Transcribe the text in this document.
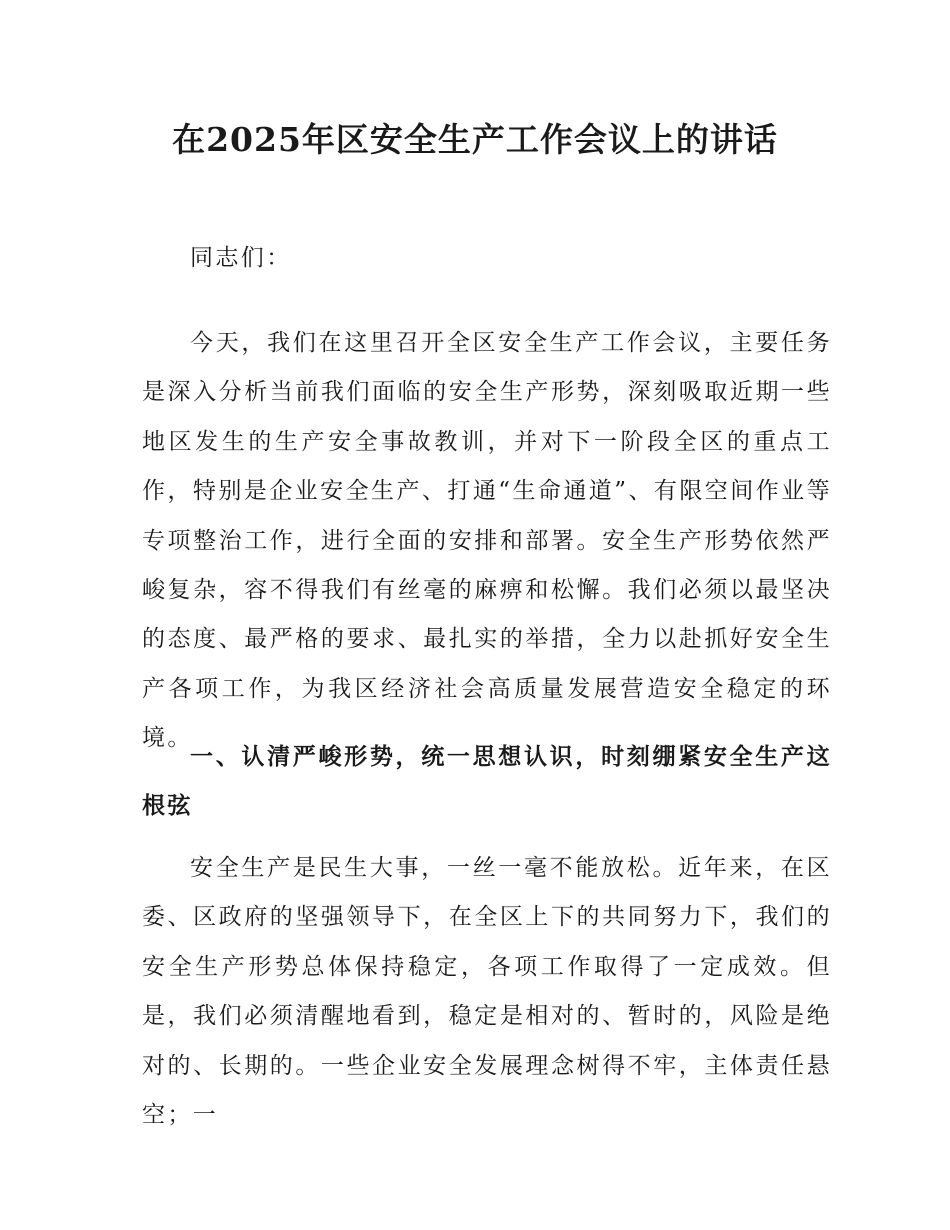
在2025年区安全生产工作会议上的讲话

同志们：

今天，我们在这里召开全区安全生产工作会议，主要任务是深入分析当前我们面临的安全生产形势，深刻吸取近期一些地区发生的生产安全事故教训，并对下一阶段全区的重点工作，特别是企业安全生产、打通“生命通道”、有限空间作业等专项整治工作，进行全面的安排和部署。安全生产形势依然严峻复杂，容不得我们有丝毫的麻痹和松懈。我们必须以最坚决的态度、最严格的要求、最扎实的举措，全力以赴抓好安全生产各项工作，为我区经济社会高质量发展营造安全稳定的环境。

一、认清严峻形势，统一思想认识，时刻绷紧安全生产这根弦

安全生产是民生大事，一丝一毫不能放松。近年来，在区委、区政府的坚强领导下，在全区上下的共同努力下，我们的安全生产形势总体保持稳定，各项工作取得了一定成效。但是，我们必须清醒地看到，稳定是相对的、暂时的，风险是绝对的、长期的。一些企业安全发展理念树得不牢，主体责任悬空；一
